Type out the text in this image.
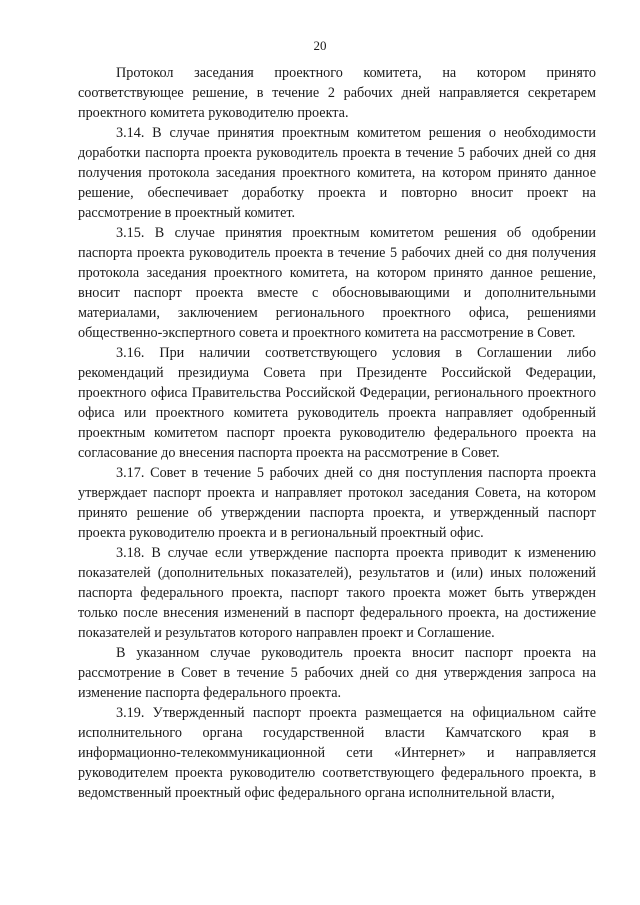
20

Протокол заседания проектного комитета, на котором принято соответствующее решение, в течение 2 рабочих дней направляется секретарем проектного комитета руководителю проекта.

3.14. В случае принятия проектным комитетом решения о необходимости доработки паспорта проекта руководитель проекта в течение 5 рабочих дней со дня получения протокола заседания проектного комитета, на котором принято данное решение, обеспечивает доработку проекта и повторно вносит проект на рассмотрение в проектный комитет.

3.15. В случае принятия проектным комитетом решения об одобрении паспорта проекта руководитель проекта в течение 5 рабочих дней со дня получения протокола заседания проектного комитета, на котором принято данное решение, вносит паспорт проекта вместе с обосновывающими и дополнительными материалами, заключением регионального проектного офиса, решениями общественно-экспертного совета и проектного комитета на рассмотрение в Совет.

3.16. При наличии соответствующего условия в Соглашении либо рекомендаций президиума Совета при Президенте Российской Федерации, проектного офиса Правительства Российской Федерации, регионального проектного офиса или проектного комитета руководитель проекта направляет одобренный проектным комитетом паспорт проекта руководителю федерального проекта на согласование до внесения паспорта проекта на рассмотрение в Совет.

3.17. Совет в течение 5 рабочих дней со дня поступления паспорта проекта утверждает паспорт проекта и направляет протокол заседания Совета, на котором принято решение об утверждении паспорта проекта, и утвержденный паспорт проекта руководителю проекта и в региональный проектный офис.

3.18. В случае если утверждение паспорта проекта приводит к изменению показателей (дополнительных показателей), результатов и (или) иных положений паспорта федерального проекта, паспорт такого проекта может быть утвержден только после внесения изменений в паспорт федерального проекта, на достижение показателей и результатов которого направлен проект и Соглашение.

В указанном случае руководитель проекта вносит паспорт проекта на рассмотрение в Совет в течение 5 рабочих дней со дня утверждения запроса на изменение паспорта федерального проекта.

3.19. Утвержденный паспорт проекта размещается на официальном сайте исполнительного органа государственной власти Камчатского края в информационно-телекоммуникационной сети «Интернет» и направляется руководителем проекта руководителю соответствующего федерального проекта, в ведомственный проектный офис федерального органа исполнительной власти,
